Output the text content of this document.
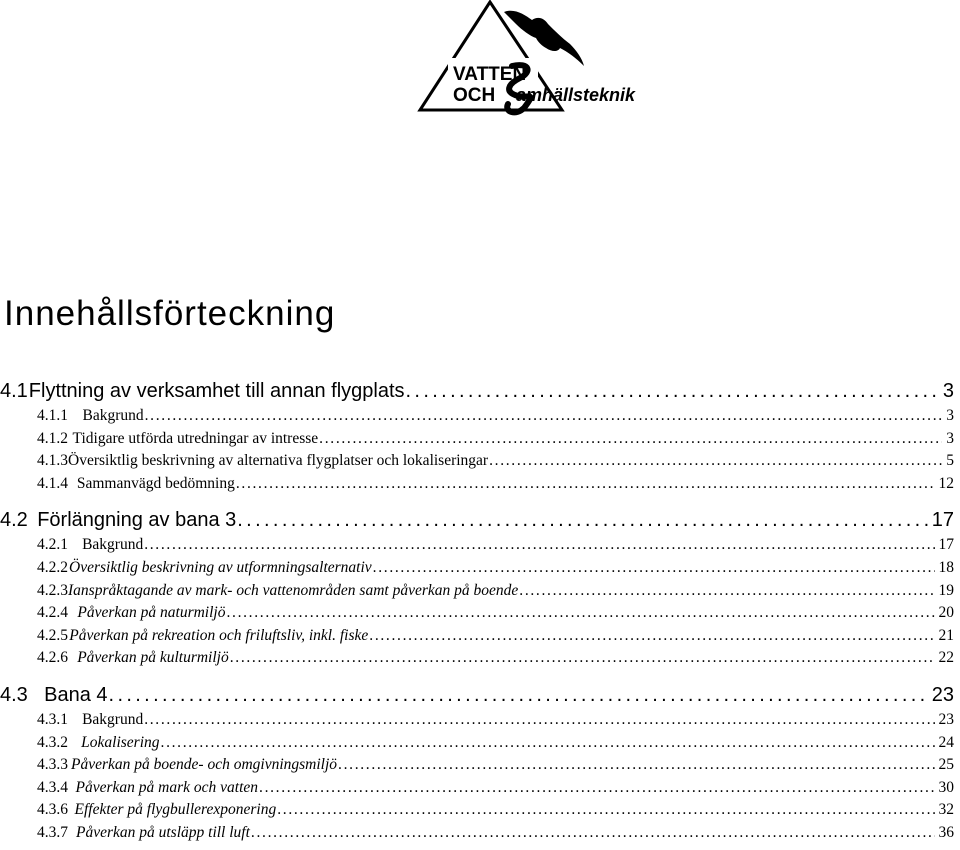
VATTEN
OCH amhällsteknik
S
Innehållsförteckning
4.1 Flyttning av verksamhet till annan flygplats . . .	3
4.1.1 Bakgrund . . .	3
4.1.2 Tidigare utförda utredningar av intresse . . .	3
4.1.3 Översiktlig beskrivning av alternativa flygplatser och lokaliseringar . . .	5
4.1.4 Sammanvägd bedömning . . .	12
4.2 Förlängning av bana 3 . . .	17
4.2.1 Bakgrund . . .	17
4.2.2 Översiktlig beskrivning av utformningsalternativ . . .	18
4.2.3 Ianspråktagande av mark- och vattenområden samt påverkan på boende . . .	19
4.2.4 Påverkan på naturmiljö . . .	20
4.2.5 Påverkan på rekreation och friluftsliv, inkl. fiske . . .	21
4.2.6 Påverkan på kulturmiljö . . .	22
4.3 Bana 4 . . .	23
4.3.1 Bakgrund . . .	23
4.3.2 Lokalisering . . .	24
4.3.3 Påverkan på boende- och omgivningsmiljö . . .	25
4.3.4 Påverkan på mark och vatten . . .	30
4.3.6 Effekter på flygbullerexponering . . .	32
4.3.7 Påverkan på utsläpp till luft . . .	36
